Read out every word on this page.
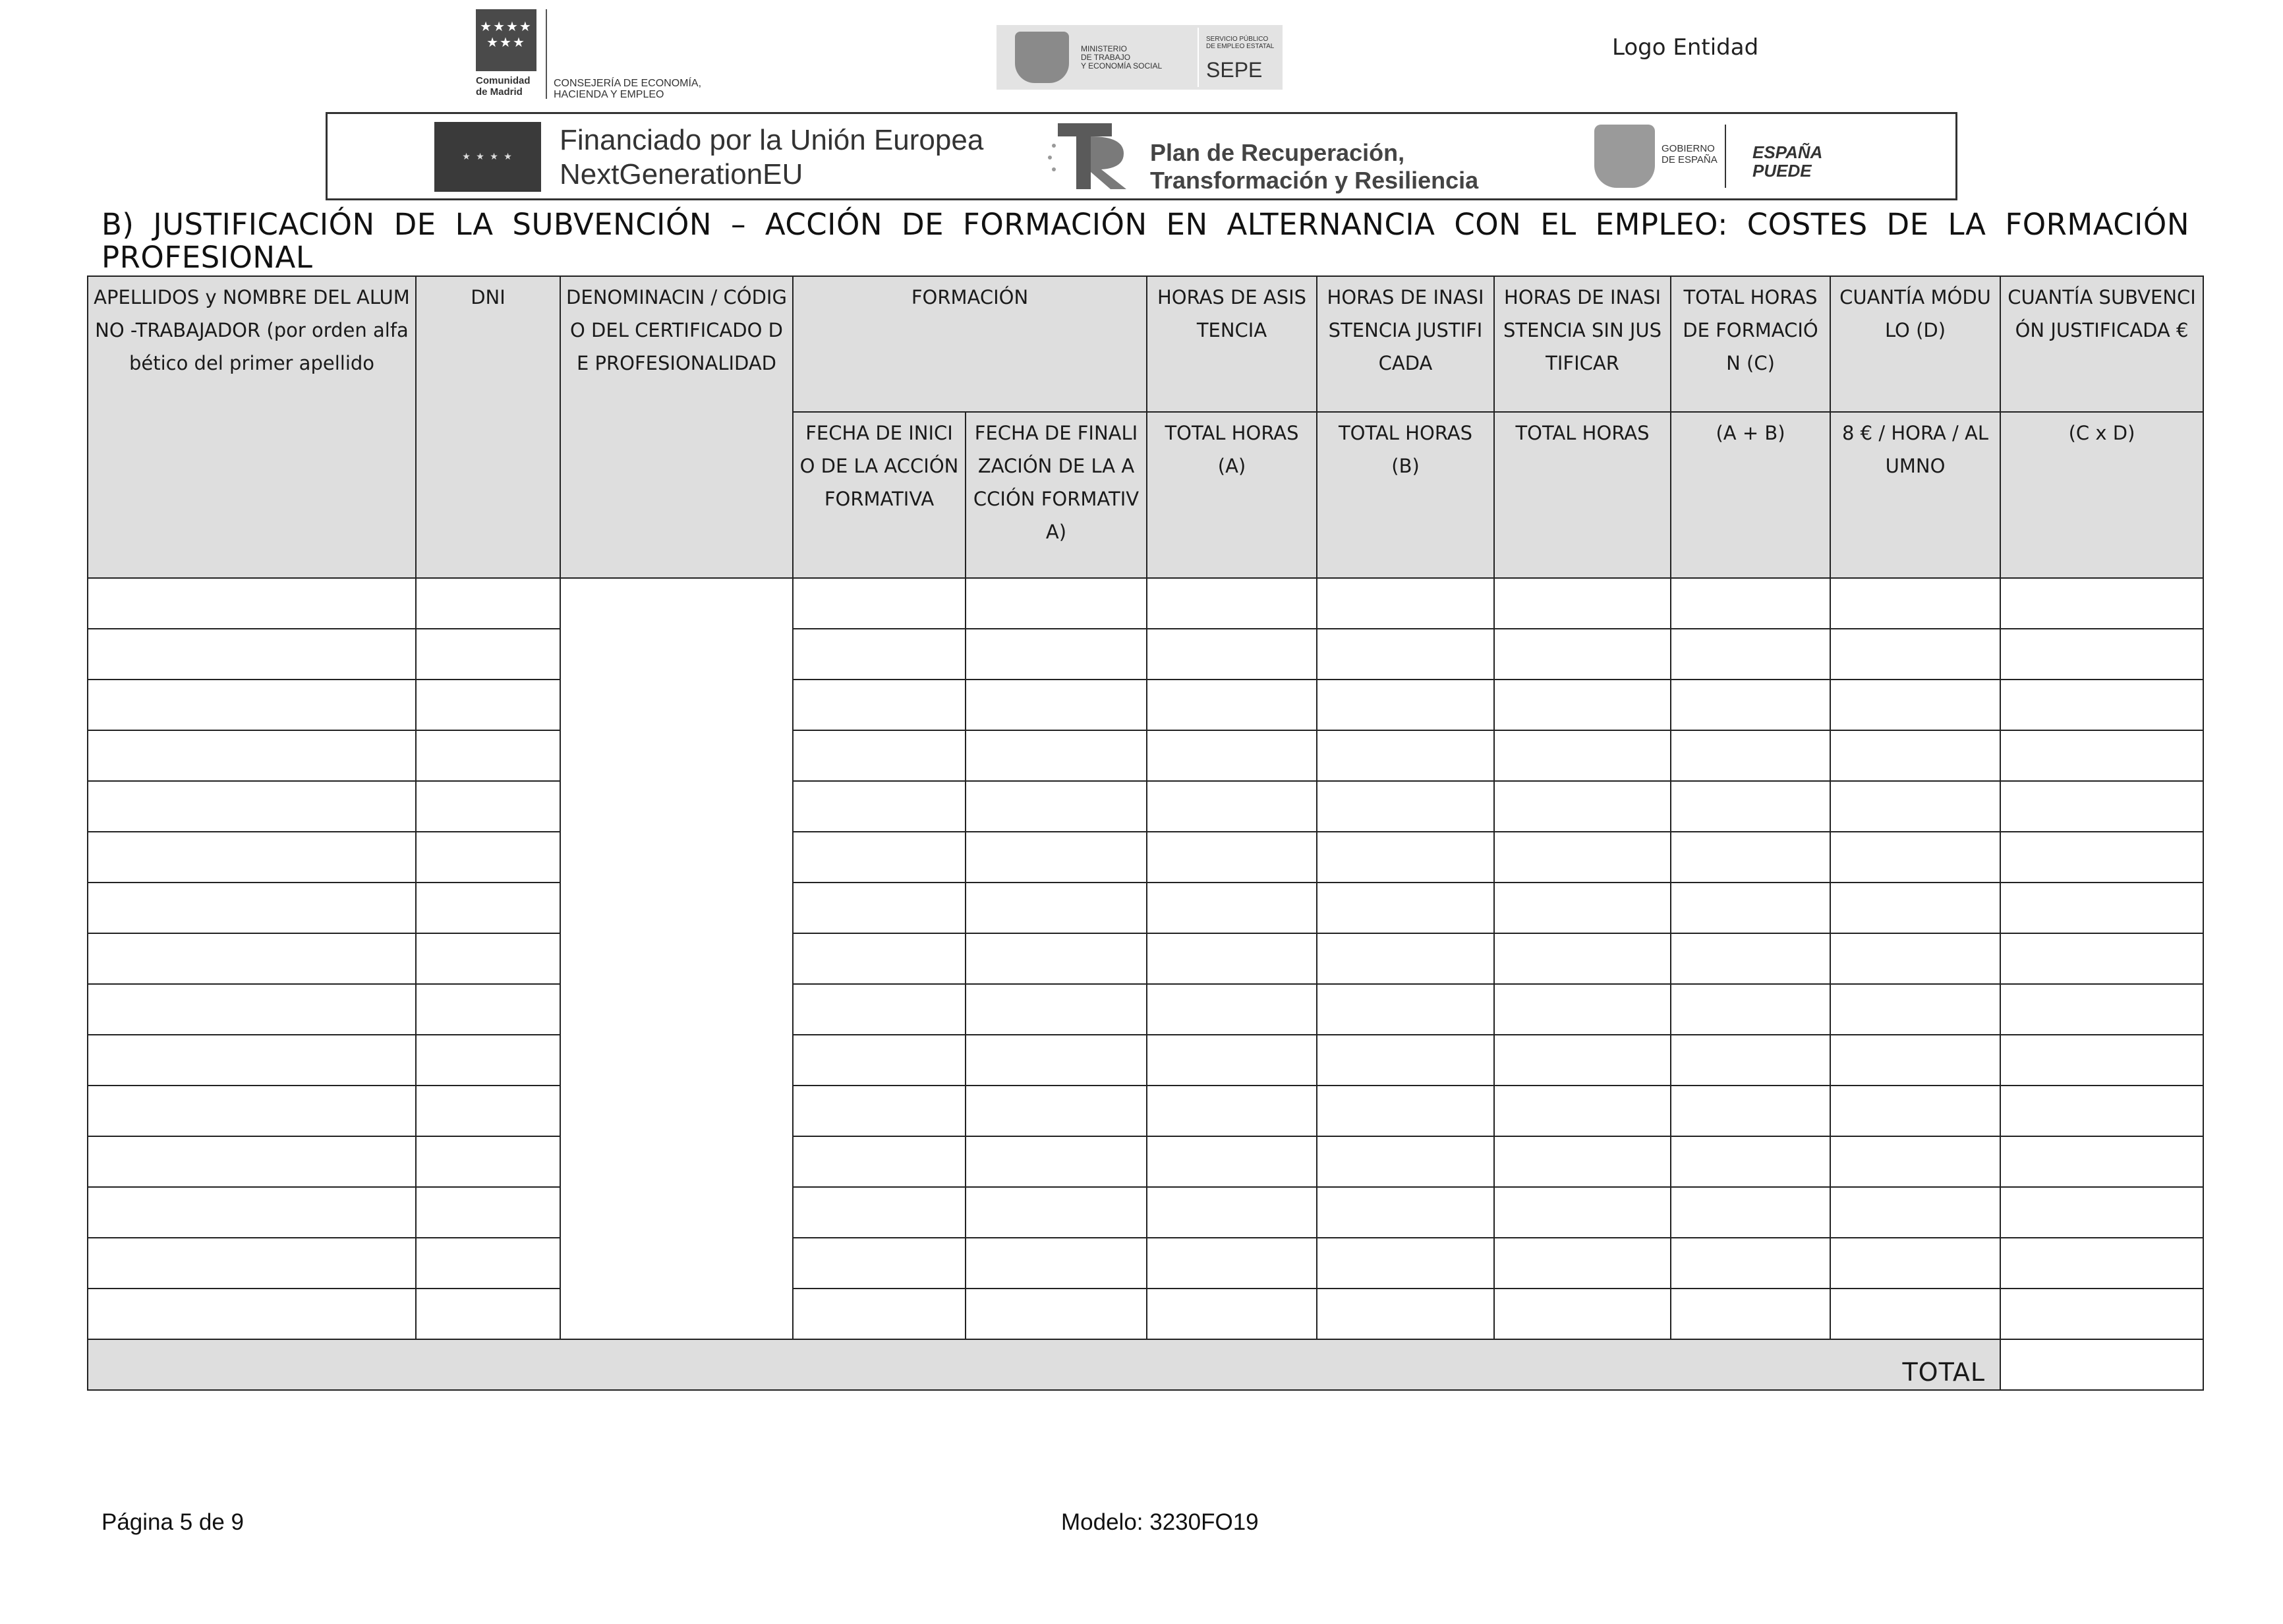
★★★★
★★★
Comunidad
de Madrid
CONSEJERÍA DE ECONOMÍA,
HACIENDA Y EMPLEO
MINISTERIO
DE TRABAJO
Y ECONOMÍA SOCIAL
SERVICIO PÚBLICO
DE EMPLEO ESTATAL
SEPE
Logo Entidad
★ ★ ★ ★
Financiado por la Unión Europea
NextGenerationEU
Plan de Recuperación,
Transformación y Resiliencia
GOBIERNO
DE ESPAÑA ESPAÑA
PUEDE
B) JUSTIFICACIÓN DE LA SUBVENCIÓN – ACCIÓN DE FORMACIÓN EN ALTERNANCIA CON EL EMPLEO: COSTES DE LA FORMACIÓN PROFESIONAL
APELLIDOS y NOMBRE DEL ALUMNO -TRABAJADOR (por orden alfabético del primer apellido	DNI	DENOMINACIN / CÓDIGO DEL CERTIFICADO DE PROFESIONALIDAD	FORMACIÓN		HORAS DE ASISTENCIA	HORAS DE INASISTENCIA JUSTIFICADA	HORAS DE INASISTENCIA SIN JUSTIFICAR	TOTAL HORAS DE FORMACIÓN (C)	CUANTÍA MÓDULO (D)	CUANTÍA SUBVENCIÓN JUSTIFICADA €
			FECHA DE INICIO DE LA ACCIÓN FORMATIVA	FECHA DE FINALIZACIÓN DE LA ACCIÓN FORMATIVA)	TOTAL HORAS (A)	TOTAL HORAS (B)	TOTAL HORAS	(A + B)	8 € / HORA / ALUMNO	(C x D)

TOTAL										
Página 5 de 9	Modelo: 3230FO19
